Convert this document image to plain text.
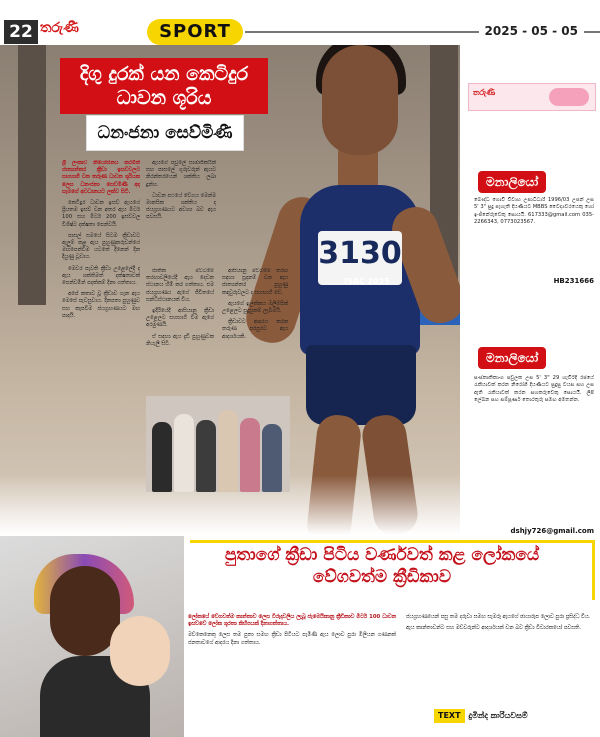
22 තරුණී	SPORT	2025 - 05 - 05
3130
ISAC 2025
දිගු දුරක් යන කෙටිදුර ධාවන ශූරිය
ධනංජනා සෙව්මිණී

ශ්‍රී ලංකාව නියෝජනය කරමින් ජාත්‍යන්තර ක්‍රීඩා ඉසව්වලට සහභාගි වන තරුණ ධාවන ශූරියක ලෙස ධනංජනා සෙව්මිණී අද සැමගේ අවධානයට ලක්ව සිටී.

කෙටිදුර ධාවන ඉසව් ඇයගේ ප්‍රියතම ඉසව් වන අතර ඇය මීටර් 100 සහ මීටර් 200 ඉසව්වල විශිෂ්ට දක්ෂතා පෙන්වයි.

පාසල් සමයේ සිටම ක්‍රීඩාවට ඇලුම් කළ ඇය පුහුණුකරුවන්ගේ මඟපෙන්වීම යටතේ දිනෙන් දින දියුණු වූවාය.

මෙවර පැවති ක්‍රීඩා උළෙලේදී ද ඇය ශක්තිමත් දක්ෂතාවක් පෙන්වමින් පදක්කම් දිනා ගත්තාය.

අපේ කතාව වූ ක්‍රීඩාව ගැන ඇය මෙසේ පැවසුවාය. දිනපතා පුහුණුව සහ කැපවීම ජයග්‍රහණයට මඟ පාදයි.

ඇයගේ පවුලේ සාමාජිකයින් සහ පාසලේ ගුරුවරුන් ඇයට නිරන්තරයෙන් ශක්තිය ලබා දුන්හ.

ධාවන පථයේ වේගය මෙන්ම මානසික ශක්තිය ද ජයග්‍රහණයට අවශ්‍ය බව ඇය පවසයි.

ජාතික මට්ටමේ තරඟාවලියේදී ඇය දෙවන ස්ථානය හිමි කර ගත්තාය. එම ජයග්‍රහණය ඇගේ ජීවිතයේ සන්ධිස්ථානයක් විය.

ඉදිරියේදී ආසියානු ක්‍රීඩා උළෙලට සහභාගි වීම ඇගේ අරමුණයි.

ඒ සඳහා ඇය දැඩි පුහුණුවක නියැලී සිටී.

ආසියානු මට්ටමේ තරඟ සඳහා සූදානම් වන ඇය ජාත්‍යන්තර පුහුණු කඳවුරුවලට ද සහභාගි වේ.

ඇයගේ ඉලක්කය ඔලිම්පික් උළෙලට සුදුසුකම් ලැබීමයි.

ක්‍රීඩාවට ආදරය කරන තරුණ පරපුරට ඇය ආදර්ශයකි.

තරුණී
මනාලියෝ
බෞද්ධ ගොවි විවාහ උපාධිධාරී 1996/03 උපන් උස 5' 3" සුදු පැහැති දියණියට MBBS වෛද්‍යවරයෙකු හෝ ඉංජිනේරුවෙකු සොයයි. 617333@gmail.com 035-2266343, 0773023567.
HB231666
මනාලියෝ
සංස්කෘතිකාංග පවුලක උස 5' 3" 29 හැවිරිදි රජයේ රැකියාවක් කරන නිරෝගී දියණියට සුදුසු වයස සහ උස ඇති රැකියාවක් කරන සහකරුවෙකු සොයයි. ලිපි ලේඛන සහ සම්පූර්ණ තොරතුරු සමඟ අමතන්න.
dshjy726@gmail.com
පුතාගේ ක්‍රීඩා පිටිය වර්ණවත් කළ ලෝකයේ වේගවත්ම ක්‍රීඩිකාව

ලෝකයේ වේගවත්ම කාන්තාව ලෙස විරුදාවලිය ලැබූ ජැමෙයිකානු ක්‍රීඩිකාව මීටර් 100 ධාවන ඉසව්වේ ලෝක ශූරතා කිහිපයක් දිනාගත්තාය.

මව්කෙනෙකු ලෙස තම පුතා සමඟ ක්‍රීඩා පිටියට පැමිණි ඇය ලොව පුරා මිලියන ගණනක් ජනතාවගේ ආදරය දිනා ගත්තාය.

ජයග්‍රහණයෙන් පසු තම දරුවා සමඟ සැමරූ ඇයගේ ඡායාරූප ලොව පුරා ප්‍රසිද්ධ විය.

ඇය කාන්තාවන්ට සහ මව්වරුන්ට ආදර්ශයක් වන බව ක්‍රීඩා විචාරකයෝ පවසති.

TEXT දුමින්ද කාරියවසම්
